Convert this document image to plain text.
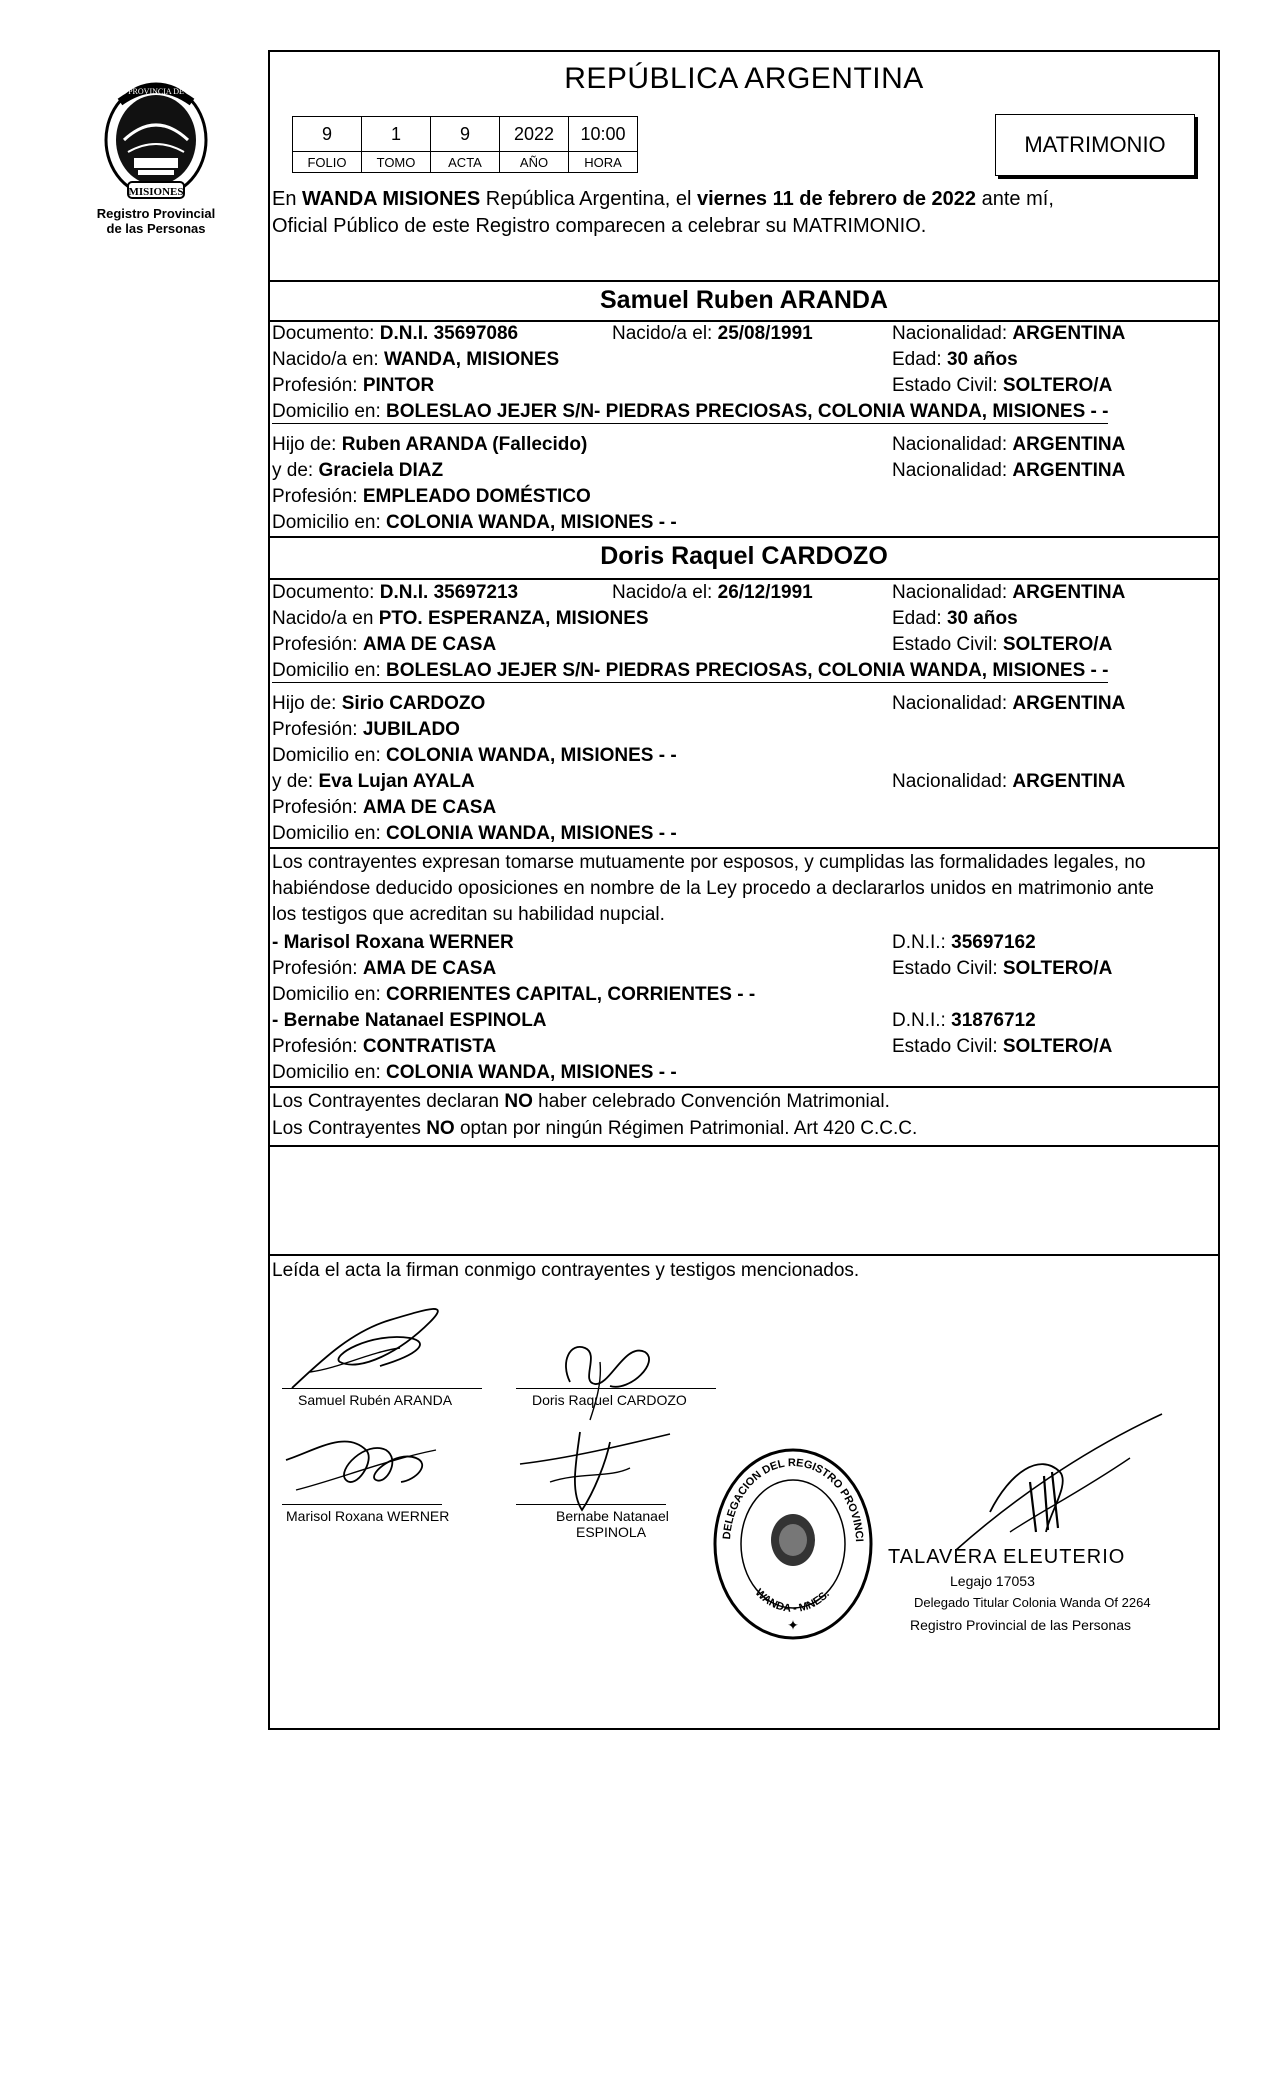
MISIONES
PROVINCIA DE
Registro Provincial
de las Personas
REPÚBLICA ARGENTINA
9	1	9	2022	10:00
FOLIO	TOMO	ACTA	AÑO	HORA
MATRIMONIO
En WANDA MISIONES República Argentina, el viernes 11 de febrero de 2022 ante mí,
Oficial Público de este Registro comparecen a celebrar su MATRIMONIO.
Samuel Ruben ARANDA
Documento: D.N.I. 35697086	Nacido/a el: 25/08/1991	Nacionalidad: ARGENTINA
Nacido/a en: WANDA, MISIONES	Edad: 30 años
Profesión: PINTOR	Estado Civil: SOLTERO/A
Domicilio en: BOLESLAO JEJER S/N- PIEDRAS PRECIOSAS, COLONIA WANDA, MISIONES - -
Hijo de: Ruben ARANDA (Fallecido)	Nacionalidad: ARGENTINA
y de: Graciela DIAZ	Nacionalidad: ARGENTINA
Profesión: EMPLEADO DOMÉSTICO
Domicilio en: COLONIA WANDA, MISIONES - -
Doris Raquel CARDOZO
Documento: D.N.I. 35697213	Nacido/a el: 26/12/1991	Nacionalidad: ARGENTINA
Nacido/a en PTO. ESPERANZA, MISIONES	Edad: 30 años
Profesión: AMA DE CASA	Estado Civil: SOLTERO/A
Domicilio en: BOLESLAO JEJER S/N- PIEDRAS PRECIOSAS, COLONIA WANDA, MISIONES - -
Hijo de: Sirio CARDOZO	Nacionalidad: ARGENTINA
Profesión: JUBILADO
Domicilio en: COLONIA WANDA, MISIONES - -
y de: Eva Lujan AYALA	Nacionalidad: ARGENTINA
Profesión: AMA DE CASA
Domicilio en: COLONIA WANDA, MISIONES - -
Los contrayentes expresan tomarse mutuamente por esposos, y cumplidas las formalidades legales, no
habiéndose deducido oposiciones en nombre de la Ley procedo a declararlos unidos en matrimonio ante
los testigos que acreditan su habilidad nupcial.
- Marisol Roxana WERNER	D.N.I.: 35697162
Profesión: AMA DE CASA	Estado Civil: SOLTERO/A
Domicilio en: CORRIENTES CAPITAL, CORRIENTES - -
- Bernabe Natanael ESPINOLA	D.N.I.: 31876712
Profesión: CONTRATISTA	Estado Civil: SOLTERO/A
Domicilio en: COLONIA WANDA, MISIONES - -
Los Contrayentes declaran NO haber celebrado Convención Matrimonial.
Los Contrayentes NO optan por ningún Régimen Patrimonial. Art 420 C.C.C.
Leída el acta la firman conmigo contrayentes y testigos mencionados.
Samuel Rubén ARANDA	Doris Raquel CARDOZO
Marisol Roxana WERNER	Bernabe Natanael
ESPINOLA	DELEGACION DEL REGISTRO PROVINCIAL DE LAS PERSONAS
WANDA - MNES.
✦
TALAVERA ELEUTERIO
Legajo 17053
Delegado Titular Colonia Wanda Of 2264
Registro Provincial de las Personas
